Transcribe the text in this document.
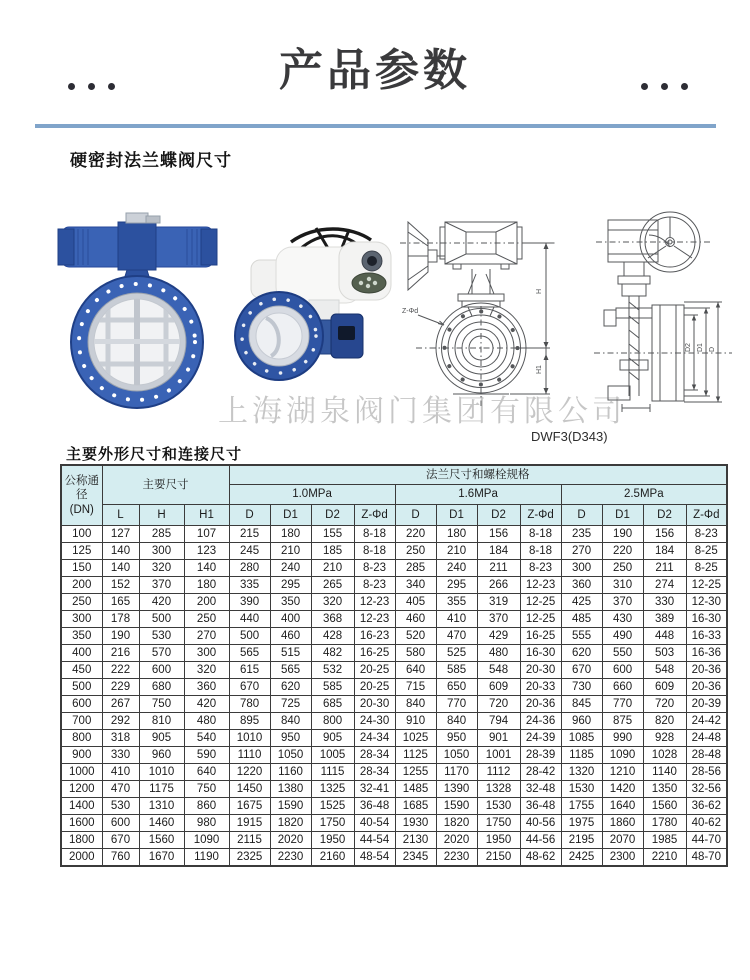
产品参数
硬密封法兰蝶阀尺寸
H
H1
Z-Φd
D2 D1 D
上海湖泉阀门集团有限公司
DWF3(D343)
主要外形尺寸和连接尺寸
公称通径(DN)	主要尺寸			法兰尺寸和螺栓规格											
				1.0MPa				1.6MPa				2.5MPa			
	L	H	H1	D	D1	D2	Z-Φd	D	D1	D2	Z-Φd	D	D1	D2	Z-Φd
100	127	285	107	215	180	155	8-18	220	180	156	8-18	235	190	156	8-23
125	140	300	123	245	210	185	8-18	250	210	184	8-18	270	220	184	8-25
150	140	320	140	280	240	210	8-23	285	240	211	8-23	300	250	211	8-25
200	152	370	180	335	295	265	8-23	340	295	266	12-23	360	310	274	12-25
250	165	420	200	390	350	320	12-23	405	355	319	12-25	425	370	330	12-30
300	178	500	250	440	400	368	12-23	460	410	370	12-25	485	430	389	16-30
350	190	530	270	500	460	428	16-23	520	470	429	16-25	555	490	448	16-33
400	216	570	300	565	515	482	16-25	580	525	480	16-30	620	550	503	16-36
450	222	600	320	615	565	532	20-25	640	585	548	20-30	670	600	548	20-36
500	229	680	360	670	620	585	20-25	715	650	609	20-33	730	660	609	20-36
600	267	750	420	780	725	685	20-30	840	770	720	20-36	845	770	720	20-39
700	292	810	480	895	840	800	24-30	910	840	794	24-36	960	875	820	24-42
800	318	905	540	1010	950	905	24-34	1025	950	901	24-39	1085	990	928	24-48
900	330	960	590	1110	1050	1005	28-34	1125	1050	1001	28-39	1185	1090	1028	28-48
1000	410	1010	640	1220	1160	1115	28-34	1255	1170	1112	28-42	1320	1210	1140	28-56
1200	470	1175	750	1450	1380	1325	32-41	1485	1390	1328	32-48	1530	1420	1350	32-56
1400	530	1310	860	1675	1590	1525	36-48	1685	1590	1530	36-48	1755	1640	1560	36-62
1600	600	1460	980	1915	1820	1750	40-54	1930	1820	1750	40-56	1975	1860	1780	40-62
1800	670	1560	1090	2115	2020	1950	44-54	2130	2020	1950	44-56	2195	2070	1985	44-70
2000	760	1670	1190	2325	2230	2160	48-54	2345	2230	2150	48-62	2425	2300	2210	48-70
